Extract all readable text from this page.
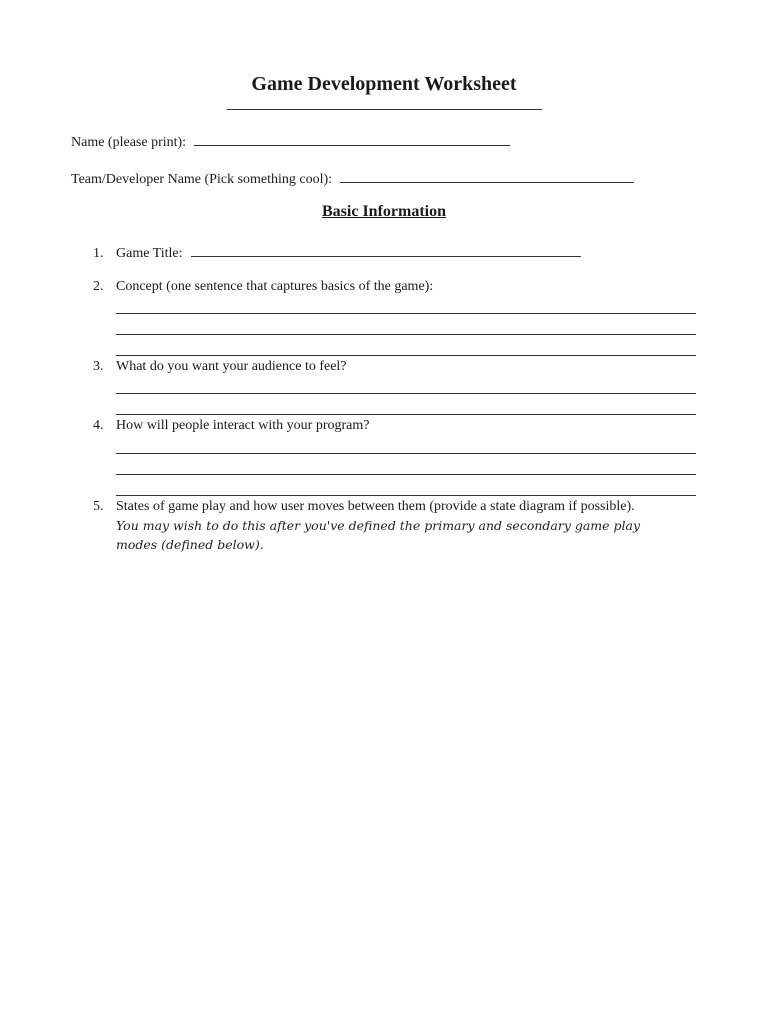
Game Development Worksheet
Name (please print):
Team/Developer Name (Pick something cool):
Basic Information
1. Game Title:
2. Concept (one sentence that captures basics of the game):
3. What do you want your audience to feel?
4. How will people interact with your program?
5. States of game play and how user moves between them (provide a state diagram if possible).
You may wish to do this after you've defined the primary and secondary game play modes (defined below).
